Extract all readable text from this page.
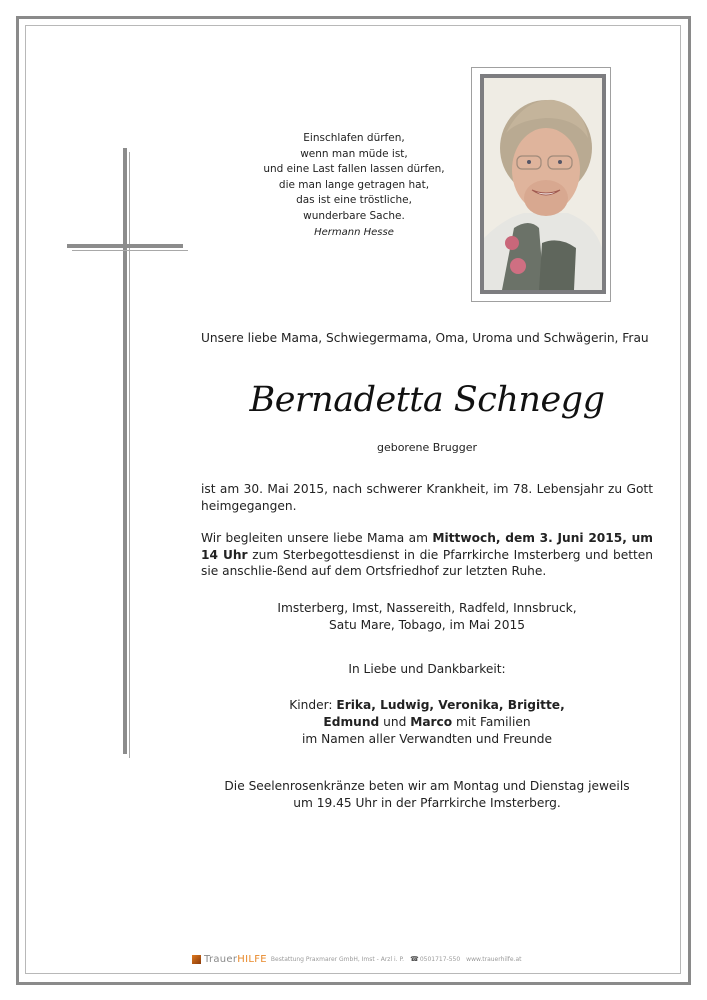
Einschlafen dürfen,
wenn man müde ist,
und eine Last fallen lassen dürfen,
die man lange getragen hat,
das ist eine tröstliche,
wunderbare Sache.
Hermann Hesse
Unsere liebe Mama, Schwiegermama, Oma, Uroma und Schwägerin, Frau
Bernadetta Schnegg
geborene Brugger
ist am 30. Mai 2015, nach schwerer Krankheit, im 78. Lebensjahr zu Gott heimgegangen.
Wir begleiten unsere liebe Mama am Mittwoch, dem 3. Juni 2015, um 14 Uhr zum Sterbegottesdienst in die Pfarrkirche Imsterberg und betten sie anschlie-ßend auf dem Ortsfriedhof zur letzten Ruhe.
Imsterberg, Imst, Nassereith, Radfeld, Innsbruck,
Satu Mare, Tobago, im Mai 2015
In Liebe und Dankbarkeit:
Kinder: Erika, Ludwig, Veronika, Brigitte,
Edmund und Marco mit Familien
im Namen aller Verwandten und Freunde
Die Seelenrosenkränze beten wir am Montag und Dienstag jeweils
um 19.45 Uhr in der Pfarrkirche Imsterberg.
TrauerHILFE Bestattung Praxmarer GmbH, Imst - Arzl i. P. ☎ 0501717-550 www.trauerhilfe.at
